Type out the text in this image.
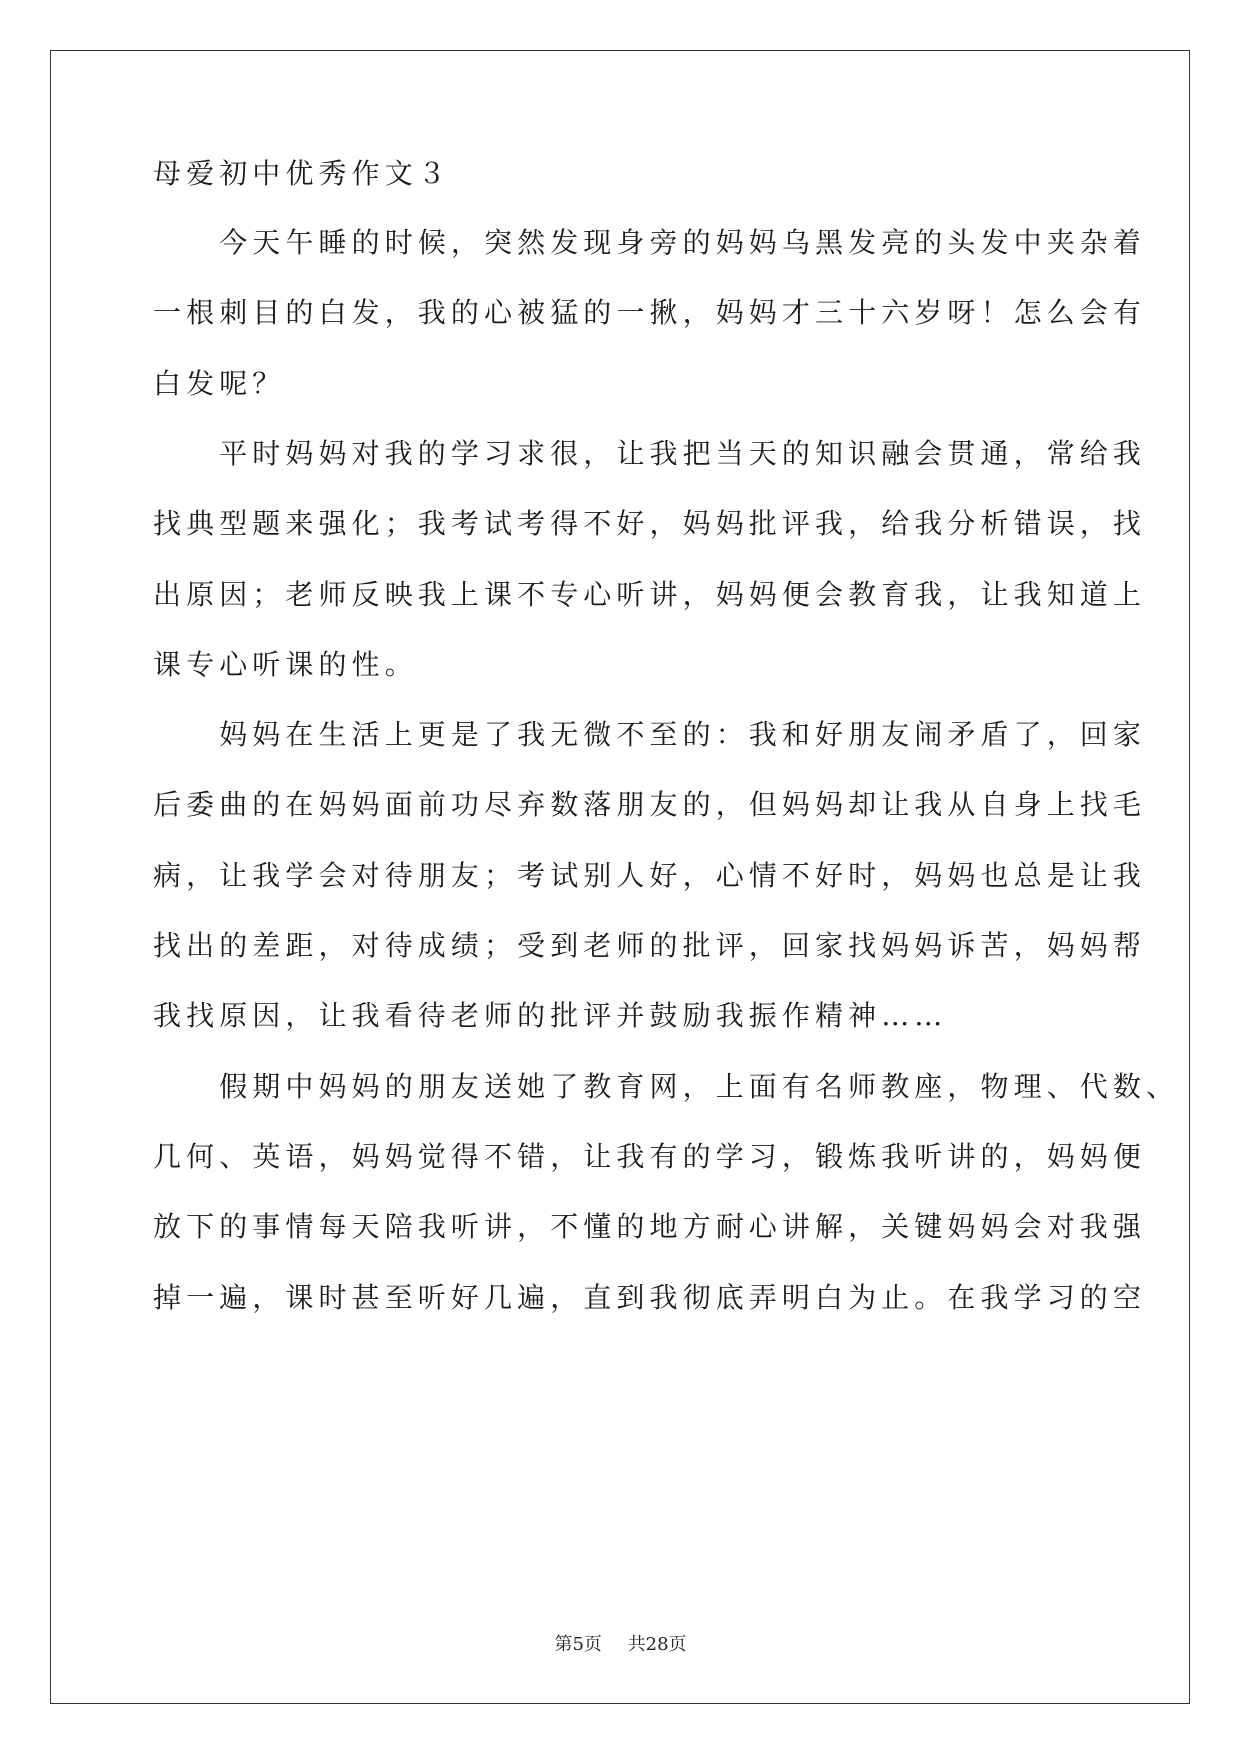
母爱初中优秀作文３
　　今天午睡的时候，突然发现身旁的妈妈乌黑发亮的头发中夹杂着
一根刺目的白发，我的心被猛的一揪，妈妈才三十六岁呀！怎么会有
白发呢？
　　平时妈妈对我的学习求很，让我把当天的知识融会贯通，常给我
找典型题来强化；我考试考得不好，妈妈批评我，给我分析错误，找
出原因；老师反映我上课不专心听讲，妈妈便会教育我，让我知道上
课专心听课的性。
　　妈妈在生活上更是了我无微不至的：我和好朋友闹矛盾了，回家
后委曲的在妈妈面前功尽弃数落朋友的，但妈妈却让我从自身上找毛
病，让我学会对待朋友；考试别人好，心情不好时，妈妈也总是让我
找出的差距，对待成绩；受到老师的批评，回家找妈妈诉苦，妈妈帮
我找原因，让我看待老师的批评并鼓励我振作精神……
　　假期中妈妈的朋友送她了教育网，上面有名师教座，物理、代数、
几何、英语，妈妈觉得不错，让我有的学习，锻炼我听讲的，妈妈便
放下的事情每天陪我听讲，不懂的地方耐心讲解，关键妈妈会对我强
掉一遍，课时甚至听好几遍，直到我彻底弄明白为止。在我学习的空
第5页 共28页
